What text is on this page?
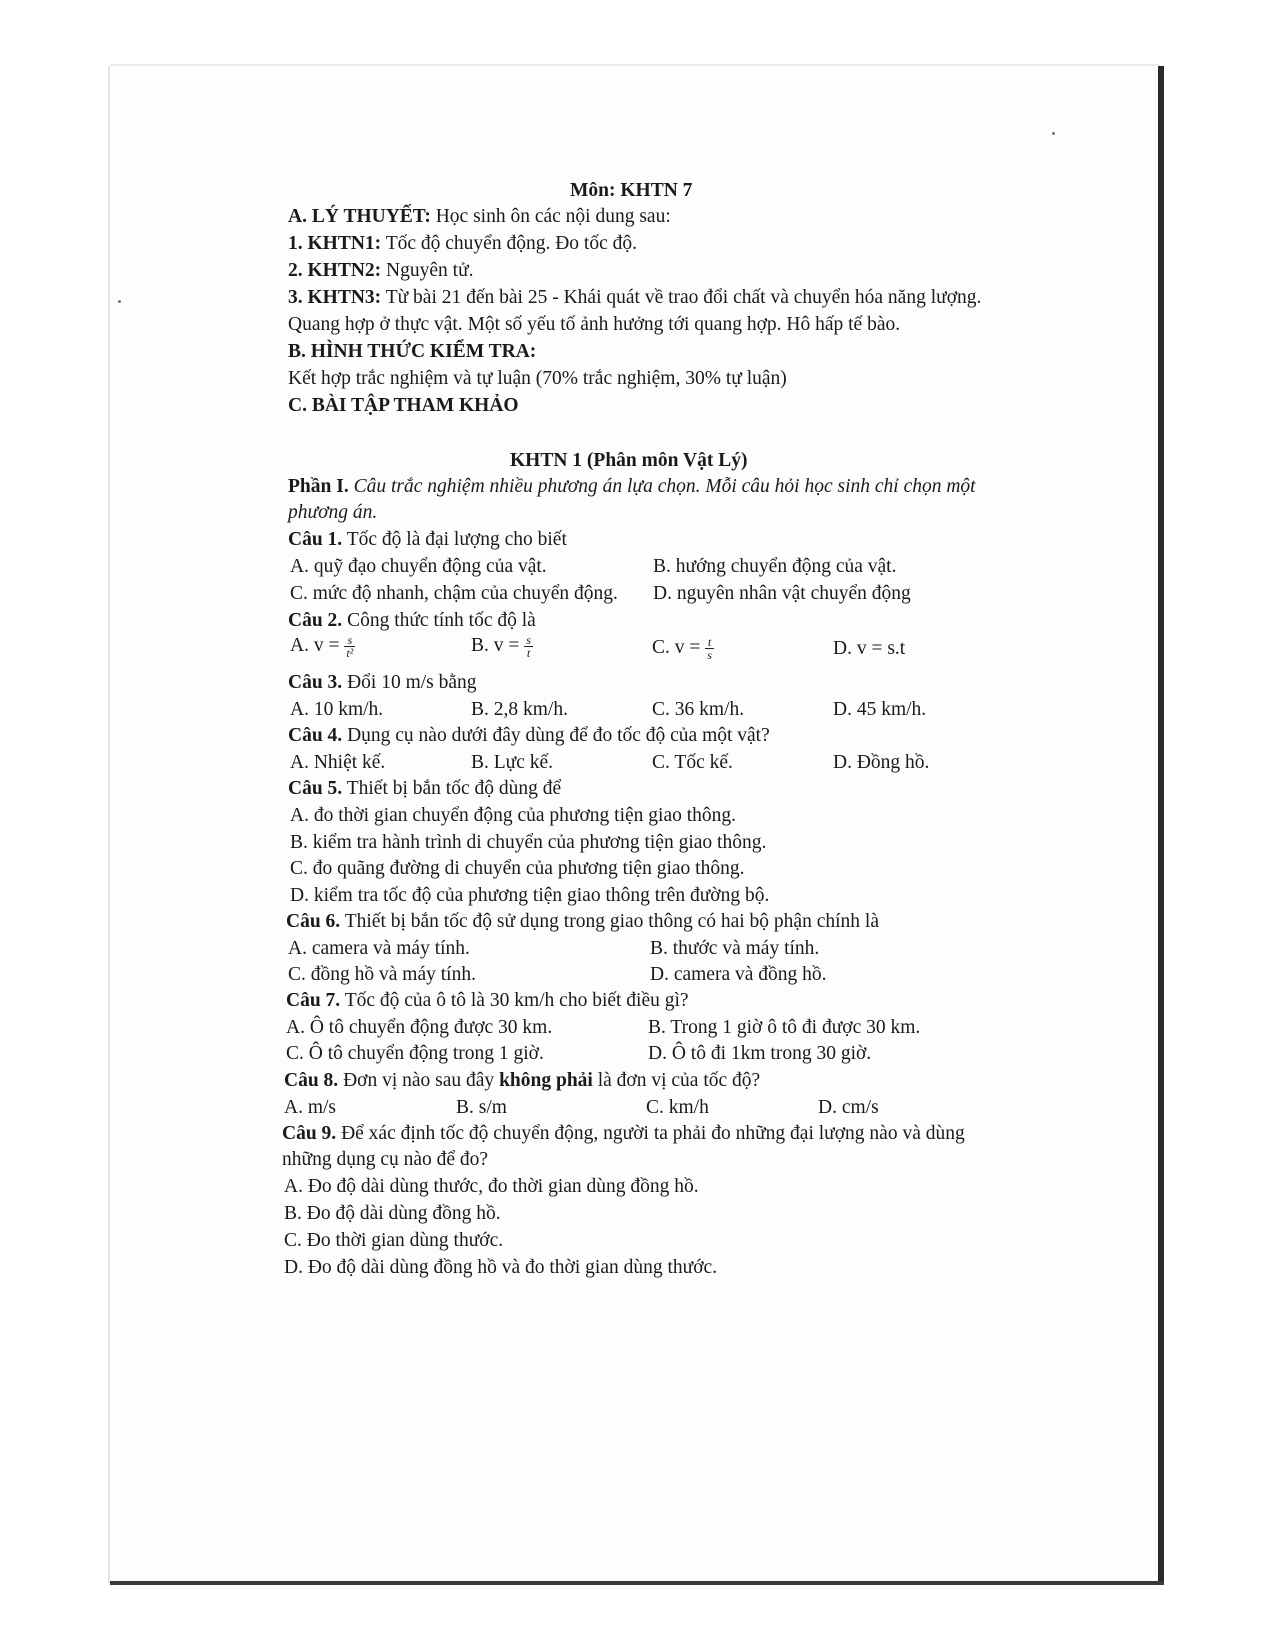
Môn: KHTN 7
A. LÝ THUYẾT: Học sinh ôn các nội dung sau:
1. KHTN1: Tốc độ chuyển động. Đo tốc độ.
2. KHTN2: Nguyên tử.
3. KHTN3: Từ bài 21 đến bài 25 - Khái quát về trao đổi chất và chuyển hóa năng lượng.
Quang hợp ở thực vật. Một số yếu tố ảnh hưởng tới quang hợp. Hô hấp tế bào.
B. HÌNH THỨC KIỂM TRA:
Kết hợp trắc nghiệm và tự luận (70% trắc nghiệm, 30% tự luận)
C. BÀI TẬP THAM KHẢO
KHTN 1 (Phân môn Vật Lý)
Phần I. Câu trắc nghiệm nhiều phương án lựa chọn. Mỗi câu hỏi học sinh chỉ chọn một
phương án.
Câu 1. Tốc độ là đại lượng cho biết
A. quỹ đạo chuyển động của vật.	B. hướng chuyển động của vật.
C. mức độ nhanh, chậm của chuyển động. D. nguyên nhân vật chuyển động
Câu 2. Công thức tính tốc độ là
A. $v = \frac{s}{\text{t²}}$	B. $v = \frac{s}{t}$	C. $v = \frac{t}{s}$	D. v = s.t
Câu 3. Đổi 10 m/s bằng
A. 10 km/h.	B. 2,8 km/h.	C. 36 km/h.	D. 45 km/h.
Câu 4. Dụng cụ nào dưới đây dùng để đo tốc độ của một vật?
A. Nhiệt kế.	B. Lực kế.	C. Tốc kế.	D. Đồng hồ.
Câu 5. Thiết bị bắn tốc độ dùng để
A. đo thời gian chuyển động của phương tiện giao thông.
B. kiểm tra hành trình di chuyển của phương tiện giao thông.
C. đo quãng đường di chuyển của phương tiện giao thông.
D. kiểm tra tốc độ của phương tiện giao thông trên đường bộ.
Câu 6. Thiết bị bắn tốc độ sử dụng trong giao thông có hai bộ phận chính là
A. camera và máy tính.	B. thước và máy tính.
C. đồng hồ và máy tính.	D. camera và đồng hồ.
Câu 7. Tốc độ của ô tô là 30 km/h cho biết điều gì?
A. Ô tô chuyển động được 30 km.	B. Trong 1 giờ ô tô đi được 30 km.
C. Ô tô chuyển động trong 1 giờ.	D. Ô tô đi 1km trong 30 giờ.
Câu 8. Đơn vị nào sau đây không phải là đơn vị của tốc độ?
A. m/s	B. s/m	C. km/h	D. cm/s
Câu 9. Để xác định tốc độ chuyển động, người ta phải đo những đại lượng nào và dùng
những dụng cụ nào để đo?
A. Đo độ dài dùng thước, đo thời gian dùng đồng hồ.
B. Đo độ dài dùng đồng hồ.
C. Đo thời gian dùng thước.
D. Đo độ dài dùng đồng hồ và đo thời gian dùng thước.
